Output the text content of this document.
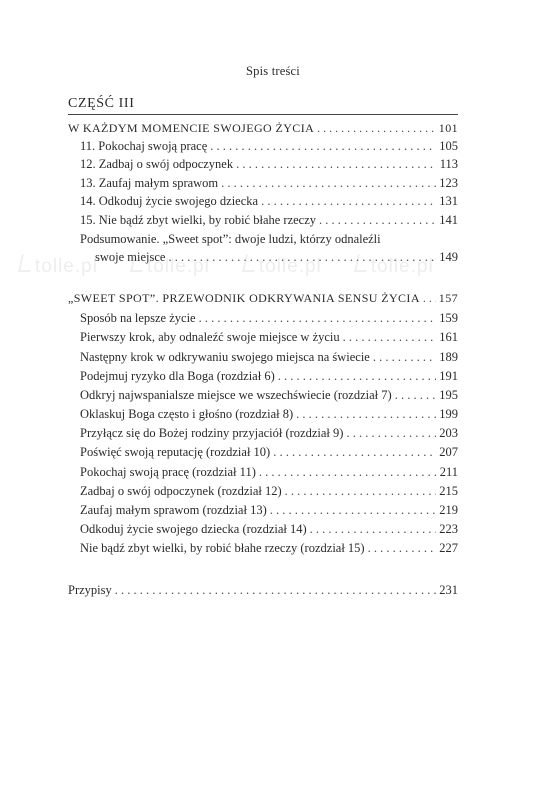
Spis treści
CZĘŚĆ III
W KAŻDYM MOMENCIE SWOJEGO ŻYCIA . . .	101
11. Pokochaj swoją pracę . . .	105
12. Zadbaj o swój odpoczynek . . .	113
13. Zaufaj małym sprawom . . .	123
14. Odkoduj życie swojego dziecka . . .	131
15. Nie bądź zbyt wielki, by robić błahe rzeczy . . .	141
Podsumowanie. „Sweet spot”: dwoje ludzi, którzy odnaleźli
swoje miejsce . . .	149
„SWEET SPOT”. PRZEWODNIK ODKRYWANIA SENSU ŻYCIA . . . 157
Sposób na lepsze życie . . .	159
Pierwszy krok, aby odnaleźć swoje miejsce w życiu . . .	161
Następny krok w odkrywaniu swojego miejsca na świecie . . .	189
Podejmuj ryzyko dla Boga (rozdział 6) . . .	191
Odkryj najwspanialsze miejsce we wszechświecie (rozdział 7) . . .	195
Oklaskuj Boga często i głośno (rozdział 8) . . .	199
Przyłącz się do Bożej rodziny przyjaciół (rozdział 9) . . .	203
Poświęć swoją reputację (rozdział 10) . . .	207
Pokochaj swoją pracę (rozdział 11) . . .	211
Zadbaj o swój odpoczynek (rozdział 12) . . .	215
Zaufaj małym sprawom (rozdział 13) . . .	219
Odkoduj życie swojego dziecka (rozdział 14) . . .	223
Nie bądź zbyt wielki, by robić błahe rzeczy (rozdział 15) . . .	227
Przypisy . . .	231
tolle.pl	tolle.pl	tolle.pl	tolle.pl
